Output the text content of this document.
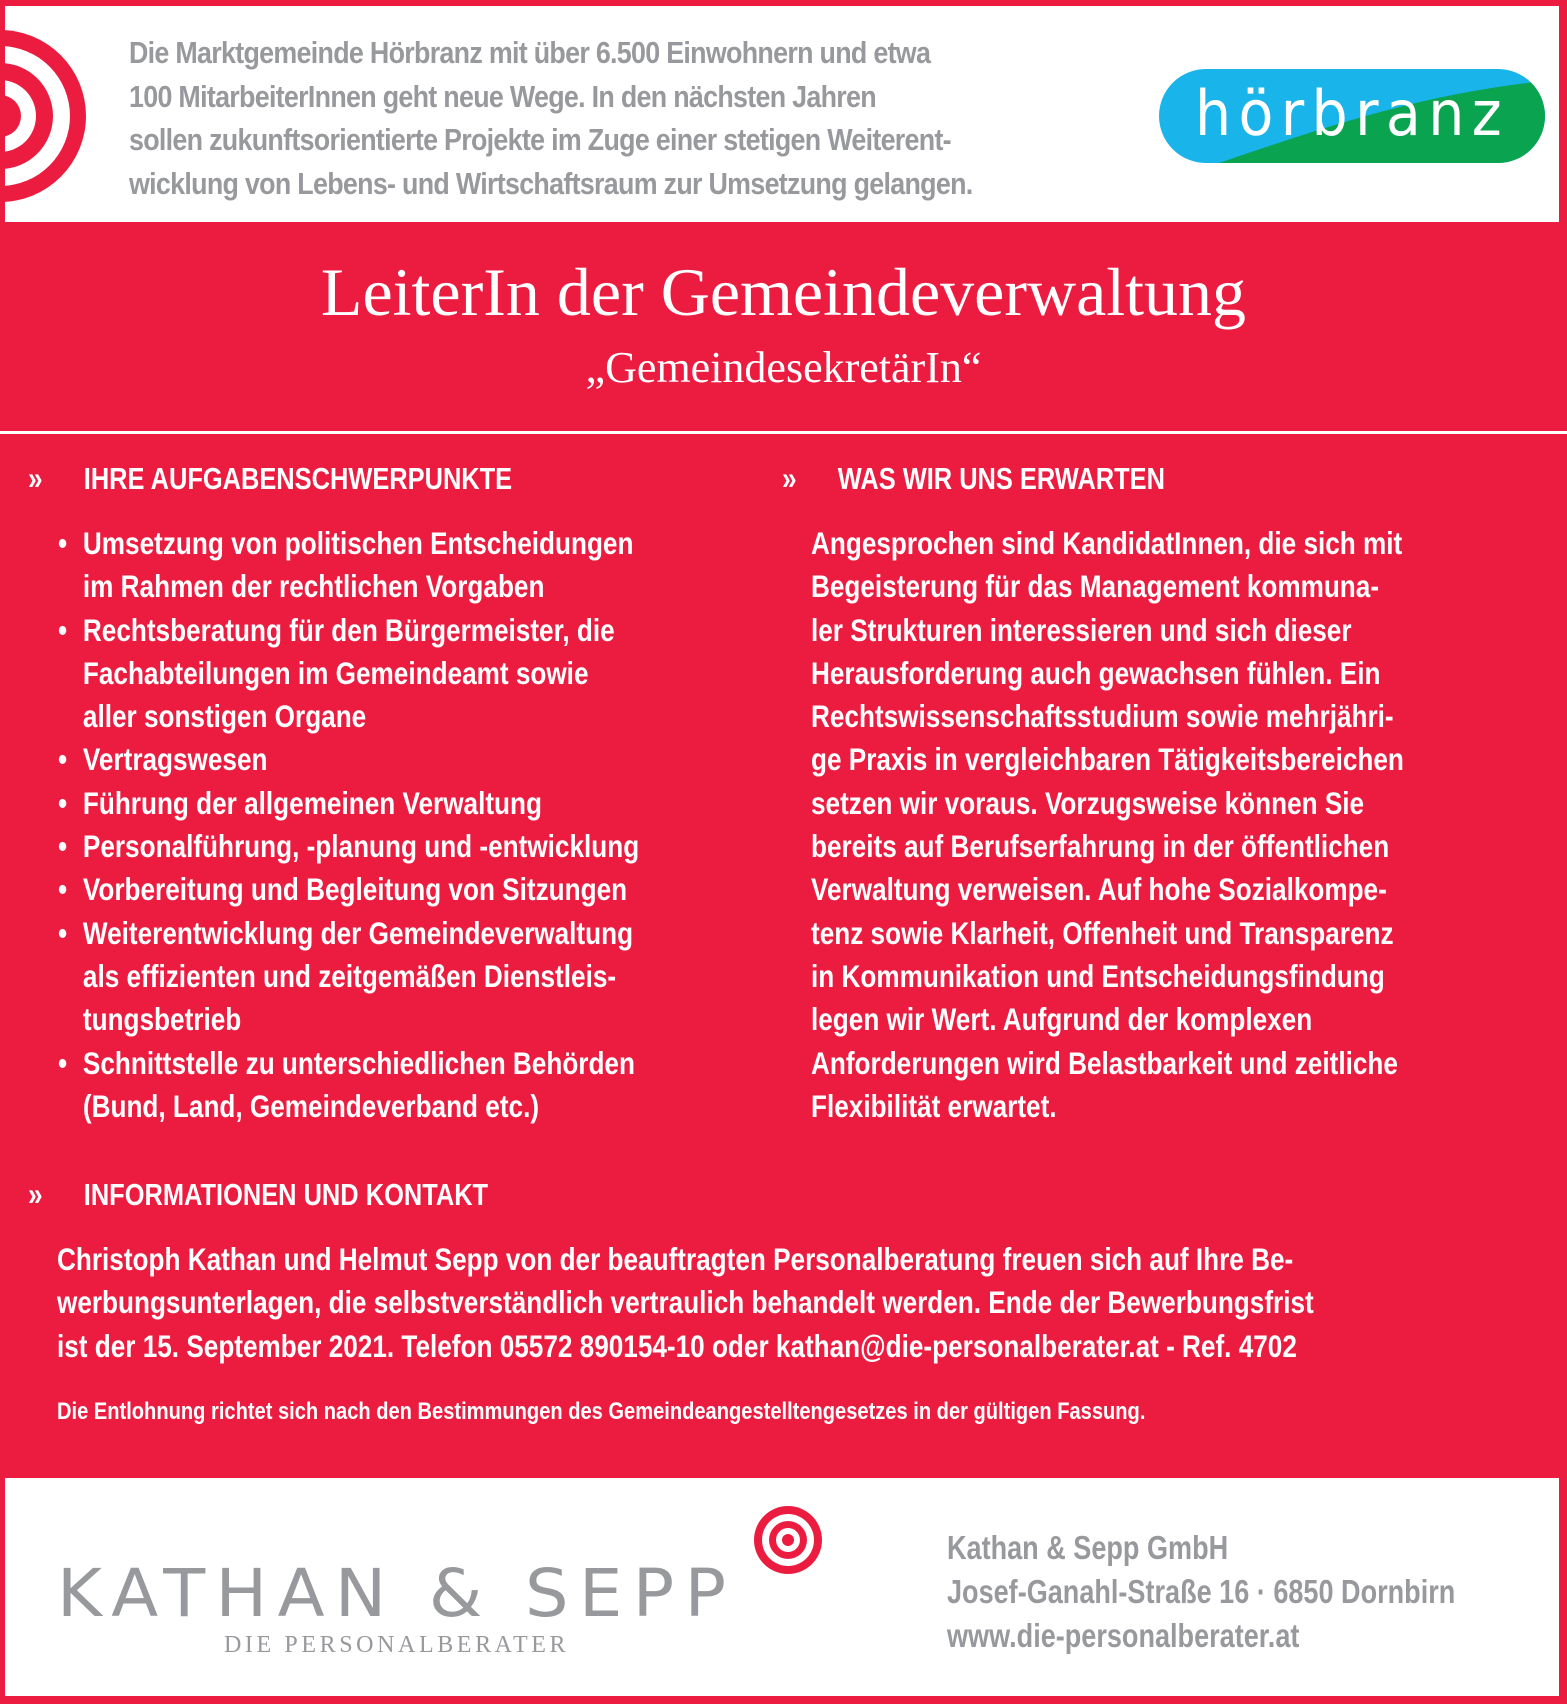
Die Marktgemeinde Hörbranz mit über 6.500 Einwohnern und etwa
100 MitarbeiterInnen geht neue Wege. In den nächsten Jahren
sollen zukunftsorientierte Projekte im Zuge einer stetigen Weiterent-
wicklung von Lebens- und Wirtschaftsraum zur Umsetzung gelangen.
hörbranz
LeiterIn der Gemeindeverwaltung
„GemeindesekretärIn“
» IHRE AUFGABENSCHWERPUNKTE
• Umsetzung von politischen Entscheidungen
im Rahmen der rechtlichen Vorgaben
• Rechtsberatung für den Bürgermeister, die
Fachabteilungen im Gemeindeamt sowie
aller sonstigen Organe
• Vertragswesen
• Führung der allgemeinen Verwaltung
• Personalführung, -planung und -entwicklung
• Vorbereitung und Begleitung von Sitzungen
• Weiterentwicklung der Gemeindeverwaltung
als effizienten und zeitgemäßen Dienstleis-
tungsbetrieb
• Schnittstelle zu unterschiedlichen Behörden
(Bund, Land, Gemeindeverband etc.)
» WAS WIR UNS ERWARTEN
Angesprochen sind KandidatInnen, die sich mit
Begeisterung für das Management kommuna-
ler Strukturen interessieren und sich dieser
Herausforderung auch gewachsen fühlen. Ein
Rechtswissenschaftsstudium sowie mehrjähri-
ge Praxis in vergleichbaren Tätigkeitsbereichen
setzen wir voraus. Vorzugsweise können Sie
bereits auf Berufserfahrung in der öffentlichen
Verwaltung verweisen. Auf hohe Sozialkompe-
tenz sowie Klarheit, Offenheit und Transparenz
in Kommunikation und Entscheidungsfindung
legen wir Wert. Aufgrund der komplexen
Anforderungen wird Belastbarkeit und zeitliche
Flexibilität erwartet.
» INFORMATIONEN UND KONTAKT
Christoph Kathan und Helmut Sepp von der beauftragten Personalberatung freuen sich auf Ihre Be-
werbungsunterlagen, die selbstverständlich vertraulich behandelt werden. Ende der Bewerbungsfrist
ist der 15. September 2021. Telefon 05572 890154-10 oder kathan@die-personalberater.at - Ref. 4702
Die Entlohnung richtet sich nach den Bestimmungen des Gemeindeangestelltengesetzes in der gültigen Fassung.
KATHAN & SEPP
DIE PERSONALBERATER
Kathan & Sepp GmbH
Josef-Ganahl-Straße 16 · 6850 Dornbirn
www.die-personalberater.at
